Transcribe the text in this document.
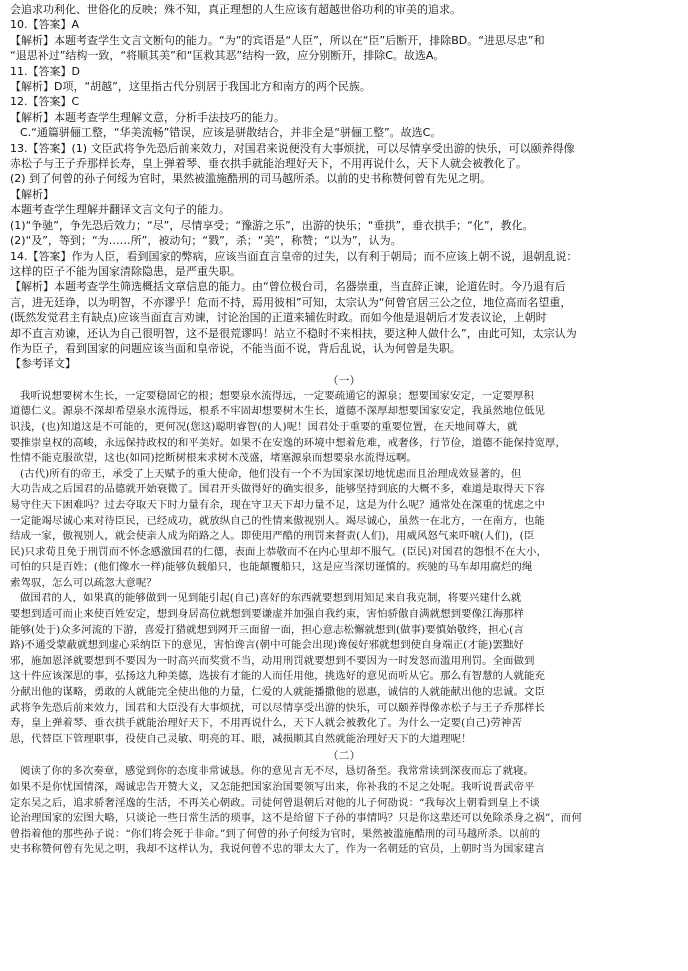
会追求功利化、世俗化的反映；殊不知，真正理想的人生应该有超越世俗功利的审美的追求。

10.【答案】A

【解析】本题考查学生文言文断句的能力。“为”的宾语是“人臣”，所以在“臣”后断开，排除BD。“进思尽忠”和

“退思补过”结构一致，“将顺其美”和“匡救其恶”结构一致，应分别断开，排除C。故选A。

11.【答案】D

【解析】D项，“胡越”，这里指古代分别居于我国北方和南方的两个民族。

12.【答案】C

【解析】本题考查学生理解文意，分析手法技巧的能力。

C.“通篇骈俪工整，“华美流畅”错误，应该是骈散结合，并非全是“骈俪工整”。故选C。

13.【答案】(1) 文臣武将争先恐后前来效力，对国君来说便没有大事烦扰，可以尽情享受出游的快乐，可以颐养得像

赤松子与王子乔那样长寿，皇上弹着琴、垂衣拱手就能治理好天下，不用再说什么，天下人就会被教化了。

(2) 到了何曾的孙子何绥为官时，果然被滥施酷刑的司马越所杀。以前的史书称赞何曾有先见之明。

【解析】

本题考查学生理解并翻译文言文句子的能力。

(1)“争驰”，争先恐后效力；“尽”，尽情享受；“豫游之乐”，出游的快乐；“垂拱”，垂衣拱手；“化”，教化。

(2)“及”，等到；“为……所”，被动句；“戮”，杀；“美”，称赞；“以为”，认为。

14.【答案】作为人臣，看到国家的弊病，应该当面直言皇帝的过失，以有利于朝局；而不应该上朝不说，退朝乱说：

这样的臣子不能为国家清除隐患，是严重失职。

【解析】本题考查学生筛选概括文章信息的能力。由“曾位极台司，名器崇重，当直辞正谏，论道佐时。今乃退有后

言，进无廷诤，以为明智，不亦谬乎！危而不持，焉用彼相”可知，太宗认为“何曾官居三公之位，地位高而名望重，

(既然发觉君主有缺点)应该当面直言劝谏，讨论治国的正道来辅佐时政。而如今他是退朝后才发表议论，上朝时

却不直言劝谏，还认为自己很明智，这不是很荒谬吗！站立不稳时不来相扶，要这种人做什么”，由此可知，太宗认为

作为臣子，看到国家的问题应该当面和皇帝说，不能当面不说，背后乱说，认为何曾是失职。

【参考译文】

（一）

我听说想要树木生长，一定要稳固它的根；想要泉水流得远，一定要疏通它的源泉；想要国家安定，一定要厚积

道德仁义。源泉不深却希望泉水流得远，根系不牢固却想要树木生长，道德不深厚却想要国家安定，我虽然地位低见

识浅，(也)知道这是不可能的，更何况(您这)聪明睿智(的人)呢！国君处于重要的重要位置，在天地间尊大，就

要推崇皇权的高峻，永远保持政权的和平美好。如果不在安逸的环境中想着危难，戒奢侈，行节俭，道德不能保持宽厚，

性情不能克服欲望，这也(如同)挖断树根来求树木茂盛，堵塞源泉而想要泉水流得远啊。

(古代)所有的帝王，承受了上天赋予的重大使命，他们没有一个不为国家深切地忧虑而且治理成效显著的，但

大功告成之后国君的品德就开始衰微了。国君开头做得好的确实很多，能够坚持到底的大概不多，难道是取得天下容

易守住天下困难吗？过去夺取天下时力量有余，现在守卫天下却力量不足，这是为什么呢？通常处在深重的忧虑之中

一定能竭尽诚心来对待臣民，已经成功，就放纵自己的性情来傲视别人。竭尽诚心，虽然一在北方，一在南方，也能

结成一家，傲视别人，就会使亲人成为陌路之人。即使用严酷的刑罚来督责(人们)，用威风怒气来吓唬(人们)，(臣

民)只求荀且免于刑罚而不怀念感激国君的仁德，表面上恭敬而不在内心里却不服气。(臣民)对国君的怨恨不在大小，

可怕的只是百姓；(他们像水一样)能够负载船只，也能颠覆船只，这是应当深切谨慎的。疾驰的马车却用腐烂的绳

索驾驭，怎么可以疏忽大意呢？

做国君的人，如果真的能够做到一见到能引起(自己)喜好的东西就要想到用知足来自我克制，将要兴建什么就

要想到适可而止来使百姓安定，想到身居高位就想到要谦虚并加强自我约束，害怕骄傲自满就想到要像江海那样

能够(处于)众多河流的下游，喜爱打猎就想到网开三面留一面，担心意志松懈就想到(做事)要慎始敬终，担心(言

路)不通受蒙蔽就想到虚心采纳臣下的意见，害怕谗言(朝中可能会出现)谗佞好邪就想到使自身端正(才能)罢黜好

邪，施加恩泽就要想到不要因为一时高兴而奖赏不当，动用刑罚就要想到不要因为一时发怒而滥用刑罚。全面做到

这十件应该深思的事，弘扬这九种美德，选拔有才能的人而任用他，挑选好的意见而听从它。那么有智慧的人就能充

分献出他的谋略，勇敢的人就能完全使出他的力量，仁爱的人就能播撒他的恩惠，诚信的人就能献出他的忠诚。文臣

武将争先恐后前来效力，国君和大臣没有大事烦扰，可以尽情享受出游的快乐，可以颐养得像赤松子与王子乔那样长

寿，皇上弹着琴、垂衣拱手就能治理好天下，不用再说什么，天下人就会被教化了。为什么一定要(自己)劳神苦

思，代替臣下管理职事，役使自己灵敏、明亮的耳、眼，减损顺其自然就能治理好天下的大道理呢！

（二）

阅读了你的多次奏章，感觉到你的态度非常诚恳。你的意见言无不尽，恳切备至。我常常读到深夜而忘了就寝。

如果不是你忧国情深，竭诚忠告开赞大义，又怎能把国家治国要领写出来，你补我的不足之处呢。我听说晋武帝平

定东吴之后，追求骄奢淫逸的生活，不再关心朝政。司徒何曾退朝后对他的儿子何劭说：“我每次上朝看到皇上不谈

论治理国家的宏图大略，只谈论一些日常生活的琐事，这不是给留下子孙的事情吗？只是你这辈还可以免除杀身之祸”，而何

曾指着他的那些孙子说：“你们将会死于非命。”到了何曾的孙子何绥为官时，果然被滥施酷刑的司马越所杀。以前的

史书称赞何曾有先见之明，我却不这样认为，我说何曾不忠的罪太大了，作为一名朝廷的官员，上朝时当为国家建言
